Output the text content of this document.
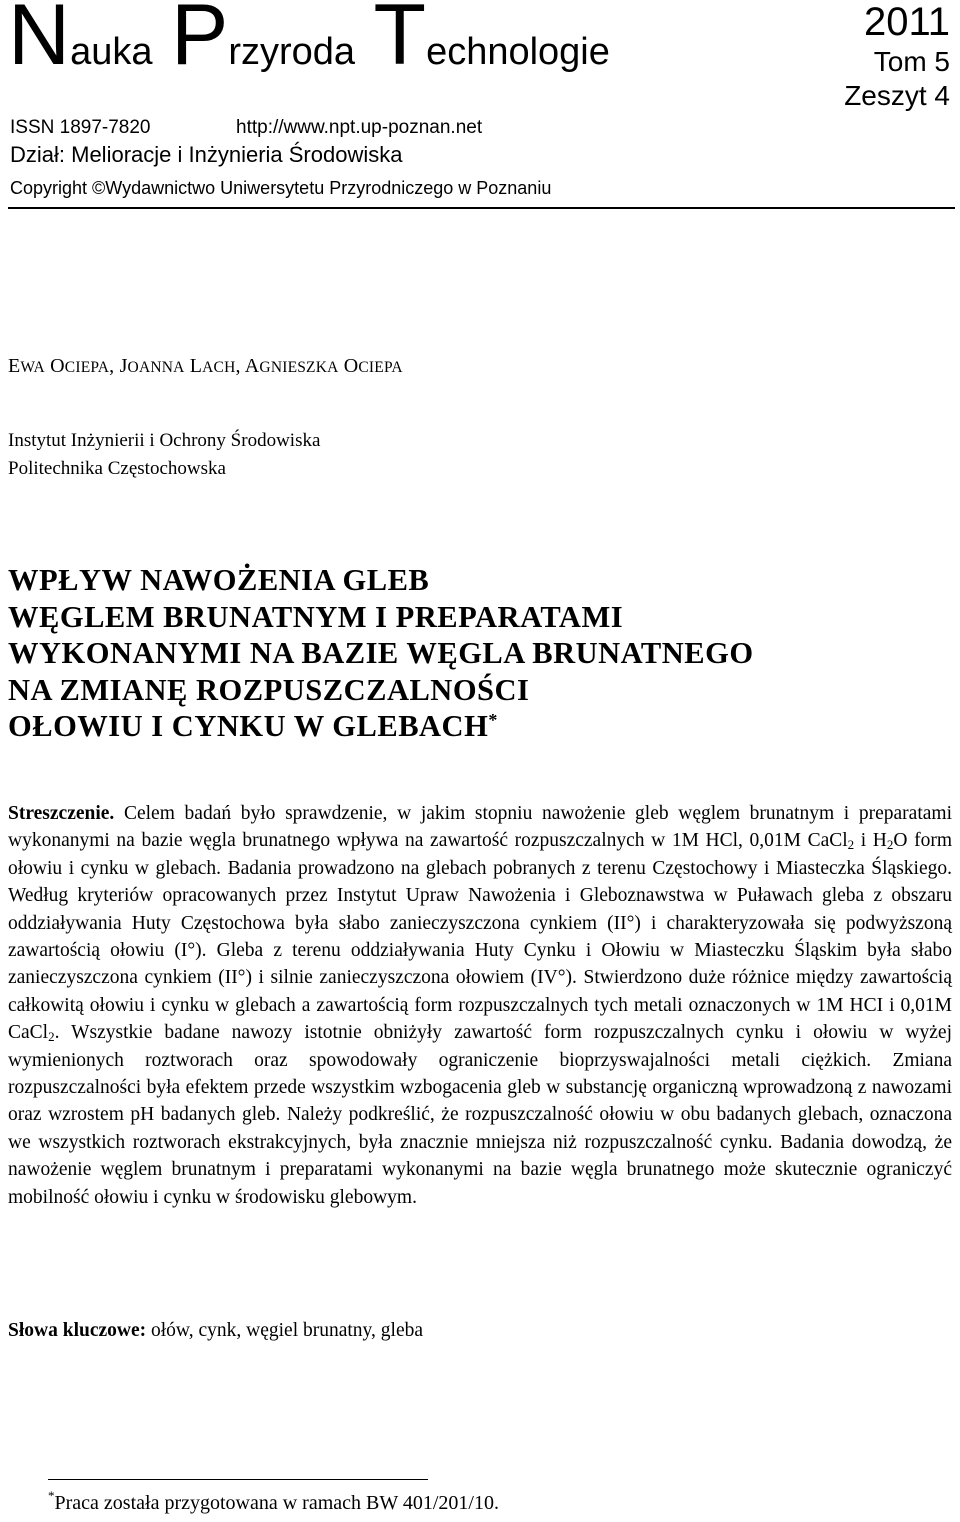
Nauka Przyroda Technologie
2011
Tom 5
Zeszyt 4
ISSN 1897-7820	http://www.npt.up-poznan.net
Dział: Melioracje i Inżynieria Środowiska
Copyright ©Wydawnictwo Uniwersytetu Przyrodniczego w Poznaniu
EWA OCIEPA, JOANNA LACH, AGNIESZKA OCIEPA
Instytut Inżynierii i Ochrony Środowiska
Politechnika Częstochowska
WPŁYW NAWOŻENIA GLEB
WĘGLEM BRUNATNYM I PREPARATAMI
WYKONANYMI NA BAZIE WĘGLA BRUNATNEGO
NA ZMIANĘ ROZPUSZCZALNOŚCI
OŁOWIU I CYNKU W GLEBACH*
Streszczenie. Celem badań było sprawdzenie, w jakim stopniu nawożenie gleb węglem brunatnym i preparatami wykonanymi na bazie węgla brunatnego wpływa na zawartość rozpuszczalnych w 1M HCl, 0,01M CaCl$_2$ i $H_2O$ form ołowiu i cynku w glebach. Badania prowadzono na glebach pobranych z terenu Częstochowy i Miasteczka Śląskiego. Według kryteriów opracowanych przez Instytut Upraw Nawożenia i Gleboznawstwa w Puławach gleba z obszaru oddziaływania Huty Częstochowa była słabo zanieczyszczona cynkiem (II°) i charakteryzowała się podwyższoną zawartością ołowiu (I°). Gleba z terenu oddziaływania Huty Cynku i Ołowiu w Miasteczku Śląskim była słabo zanieczyszczona cynkiem (II°) i silnie zanieczyszczona ołowiem (IV°). Stwierdzono duże różnice między zawartością całkowitą ołowiu i cynku w glebach a zawartością form rozpuszczalnych tych metali oznaczonych w 1M HCI i 0,01M CaCl$_2$. Wszystkie badane nawozy istotnie obniżyły zawartość form rozpuszczalnych cynku i ołowiu w wyżej wymienionych roztworach oraz spowodowały ograniczenie bioprzyswajalności metali ciężkich. Zmiana rozpuszczalności była efektem przede wszystkim wzbogacenia gleb w substancję organiczną wprowadzoną z nawozami oraz wzrostem pH badanych gleb. Należy podkreślić, że rozpuszczalność ołowiu w obu badanych glebach, oznaczona we wszystkich roztworach ekstrakcyjnych, była znacznie mniejsza niż rozpuszczalność cynku. Badania dowodzą, że nawożenie węglem brunatnym i preparatami wykonanymi na bazie węgla brunatnego może skutecznie ograniczyć mobilność ołowiu i cynku w środowisku glebowym.
Słowa kluczowe: ołów, cynk, węgiel brunatny, gleba
*Praca została przygotowana w ramach BW 401/201/10.
